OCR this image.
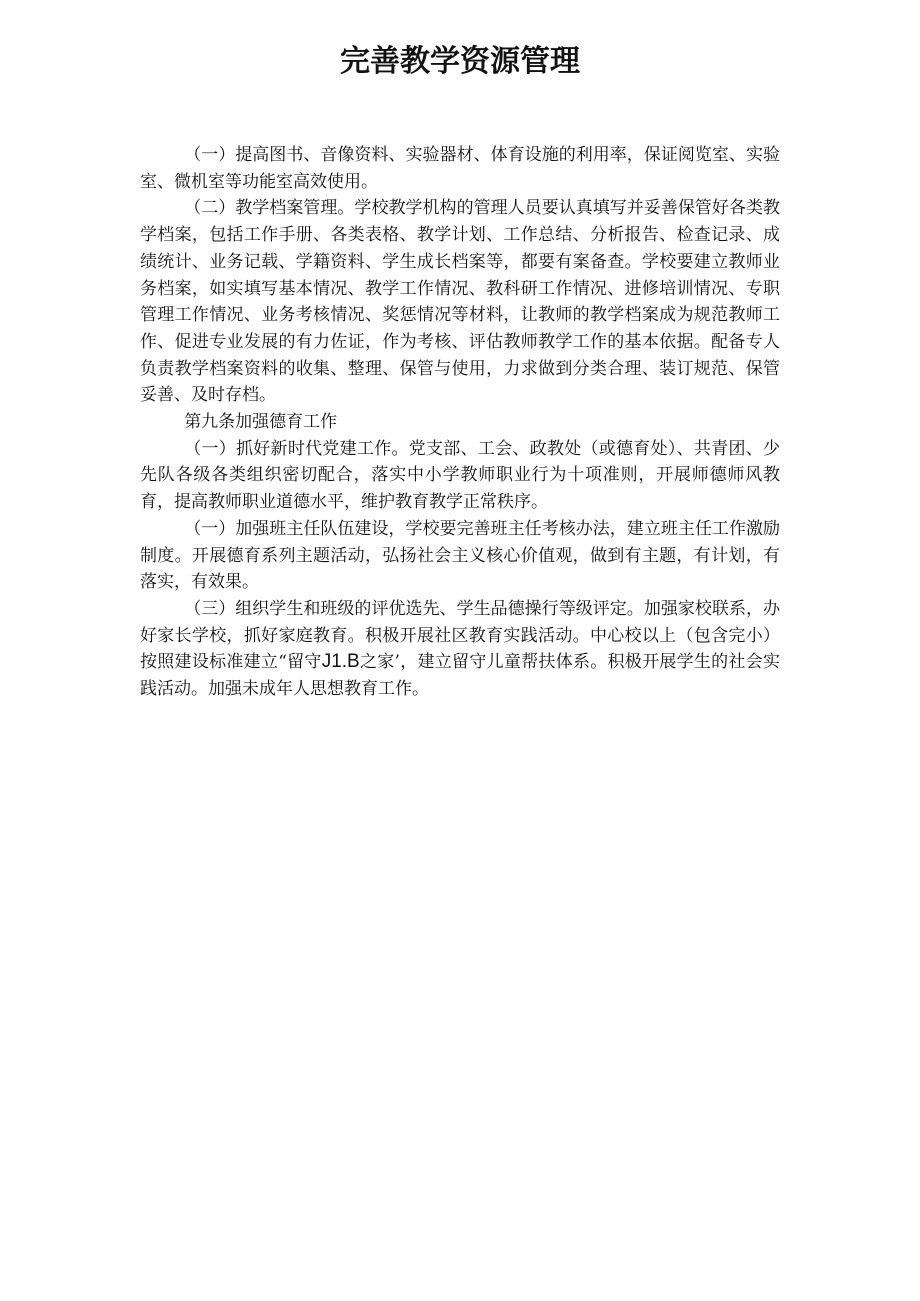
完善教学资源管理

（一）提高图书、音像资料、实验器材、体育设施的利用率，保证阅览室、实验室、微机室等功能室高效使用。

（二）教学档案管理。学校教学机构的管理人员要认真填写并妥善保管好各类教学档案，包括工作手册、各类表格、教学计划、工作总结、分析报告、检查记录、成绩统计、业务记载、学籍资料、学生成长档案等，都要有案备查。学校要建立教师业务档案，如实填写基本情况、教学工作情况、教科研工作情况、进修培训情况、专职管理工作情况、业务考核情况、奖惩情况等材料，让教师的教学档案成为规范教师工作、促进专业发展的有力佐证，作为考核、评估教师教学工作的基本依据。配备专人负责教学档案资料的收集、整理、保管与使用，力求做到分类合理、装订规范、保管妥善、及时存档。

第九条加强德育工作

（一）抓好新时代党建工作。党支部、工会、政教处（或德育处）、共青团、少先队各级各类组织密切配合，落实中小学教师职业行为十项准则，开展师德师风教育，提高教师职业道德水平，维护教育教学正常秩序。

（一）加强班主任队伍建设，学校要完善班主任考核办法，建立班主任工作激励制度。开展德育系列主题活动，弘扬社会主义核心价值观，做到有主题，有计划，有落实，有效果。

（三）组织学生和班级的评优选先、学生品德操行等级评定。加强家校联系，办好家长学校，抓好家庭教育。积极开展社区教育实践活动。中心校以上（包含完小）按照建设标准建立“留守J1.B之家’，建立留守儿童帮扶体系。积极开展学生的社会实践活动。加强未成年人思想教育工作。
